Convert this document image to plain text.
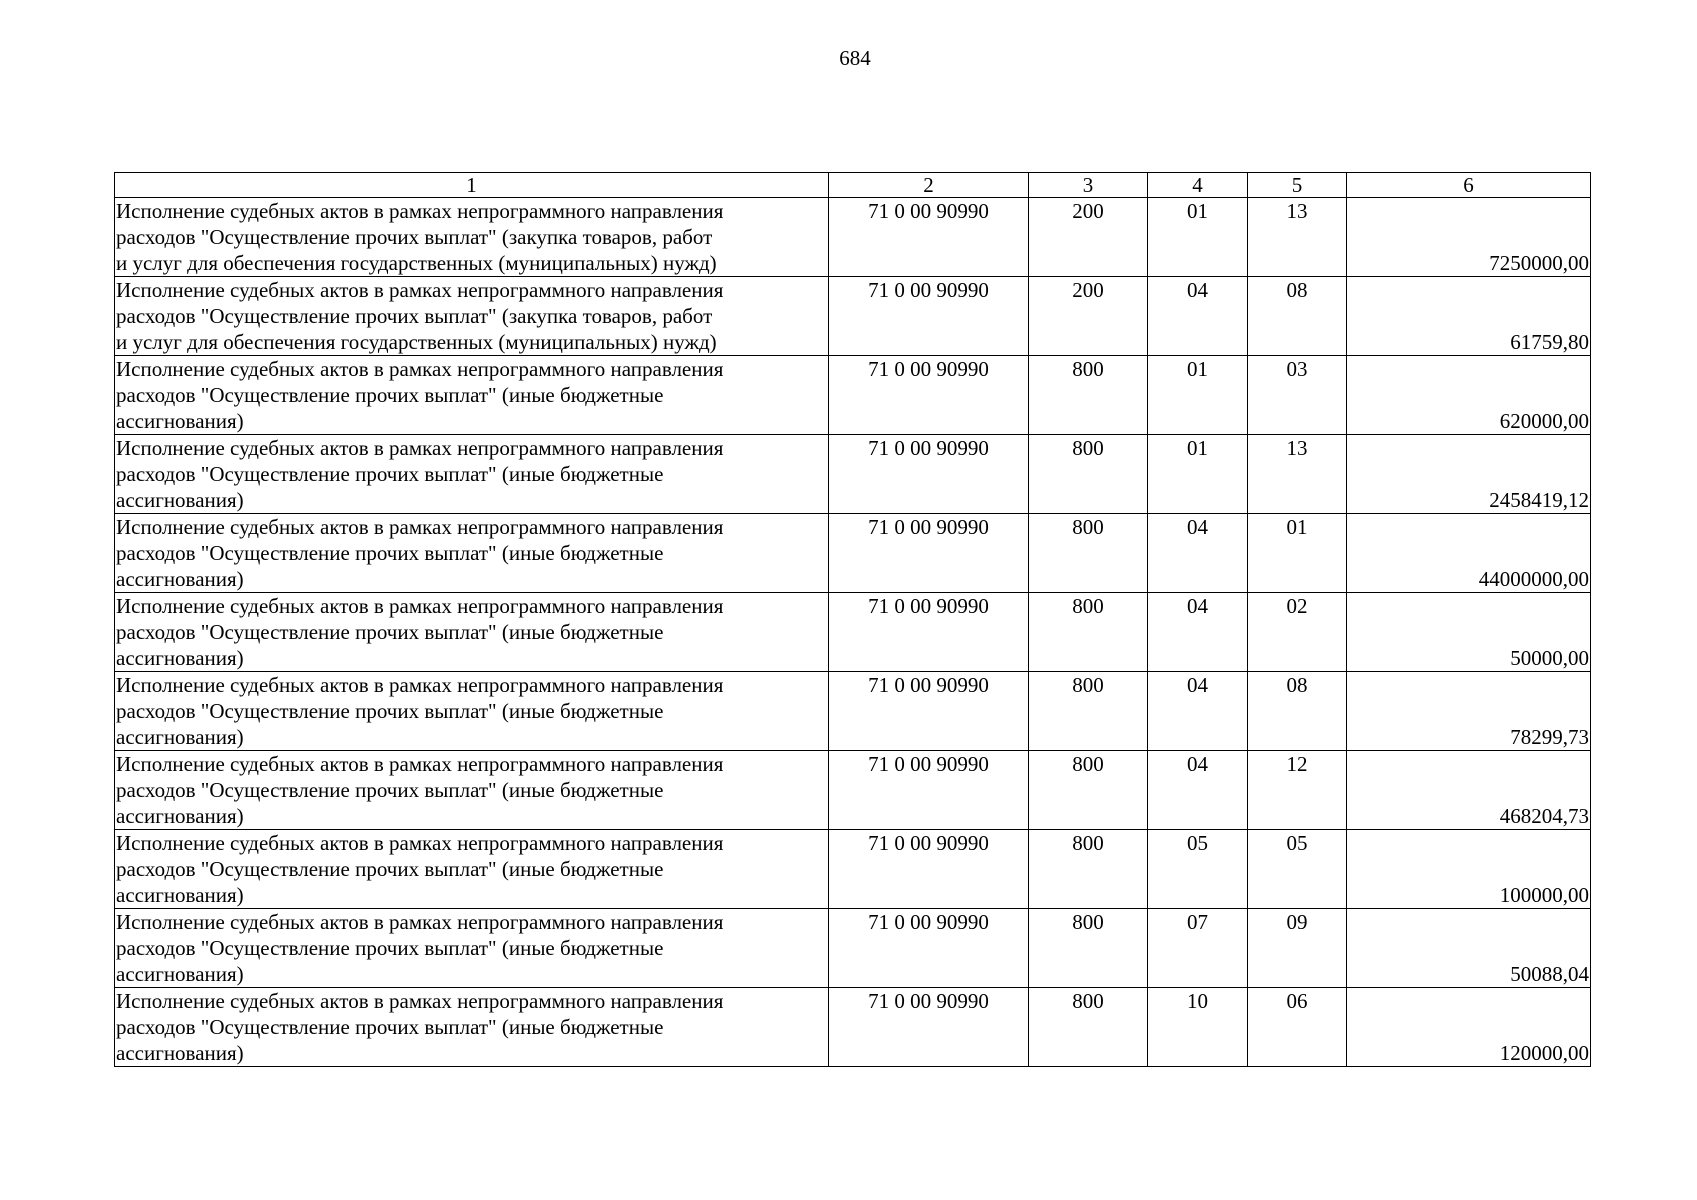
684
1	2	3	4	5	6

Исполнение судебных актов в рамках непрограммного направления
расходов "Осуществление прочих выплат" (закупка товаров, работ
и услуг для обеспечения государственных (муниципальных) нужд)	71 0 00 90990	200	01	13	7250000,00

Исполнение судебных актов в рамках непрограммного направления
расходов "Осуществление прочих выплат" (закупка товаров, работ
и услуг для обеспечения государственных (муниципальных) нужд)	71 0 00 90990	200	04	08	61759,80

Исполнение судебных актов в рамках непрограммного направления
расходов "Осуществление прочих выплат" (иные бюджетные
ассигнования)	71 0 00 90990	800	01	03	620000,00

Исполнение судебных актов в рамках непрограммного направления
расходов "Осуществление прочих выплат" (иные бюджетные
ассигнования)	71 0 00 90990	800	01	13	2458419,12

Исполнение судебных актов в рамках непрограммного направления
расходов "Осуществление прочих выплат" (иные бюджетные
ассигнования)	71 0 00 90990	800	04	01	44000000,00

Исполнение судебных актов в рамках непрограммного направления
расходов "Осуществление прочих выплат" (иные бюджетные
ассигнования)	71 0 00 90990	800	04	02	50000,00

Исполнение судебных актов в рамках непрограммного направления
расходов "Осуществление прочих выплат" (иные бюджетные
ассигнования)	71 0 00 90990	800	04	08	78299,73

Исполнение судебных актов в рамках непрограммного направления
расходов "Осуществление прочих выплат" (иные бюджетные
ассигнования)	71 0 00 90990	800	04	12	468204,73

Исполнение судебных актов в рамках непрограммного направления
расходов "Осуществление прочих выплат" (иные бюджетные
ассигнования)	71 0 00 90990	800	05	05	100000,00

Исполнение судебных актов в рамках непрограммного направления
расходов "Осуществление прочих выплат" (иные бюджетные
ассигнования)	71 0 00 90990	800	07	09	50088,04

Исполнение судебных актов в рамках непрограммного направления
расходов "Осуществление прочих выплат" (иные бюджетные
ассигнования)	71 0 00 90990	800	10	06	120000,00
